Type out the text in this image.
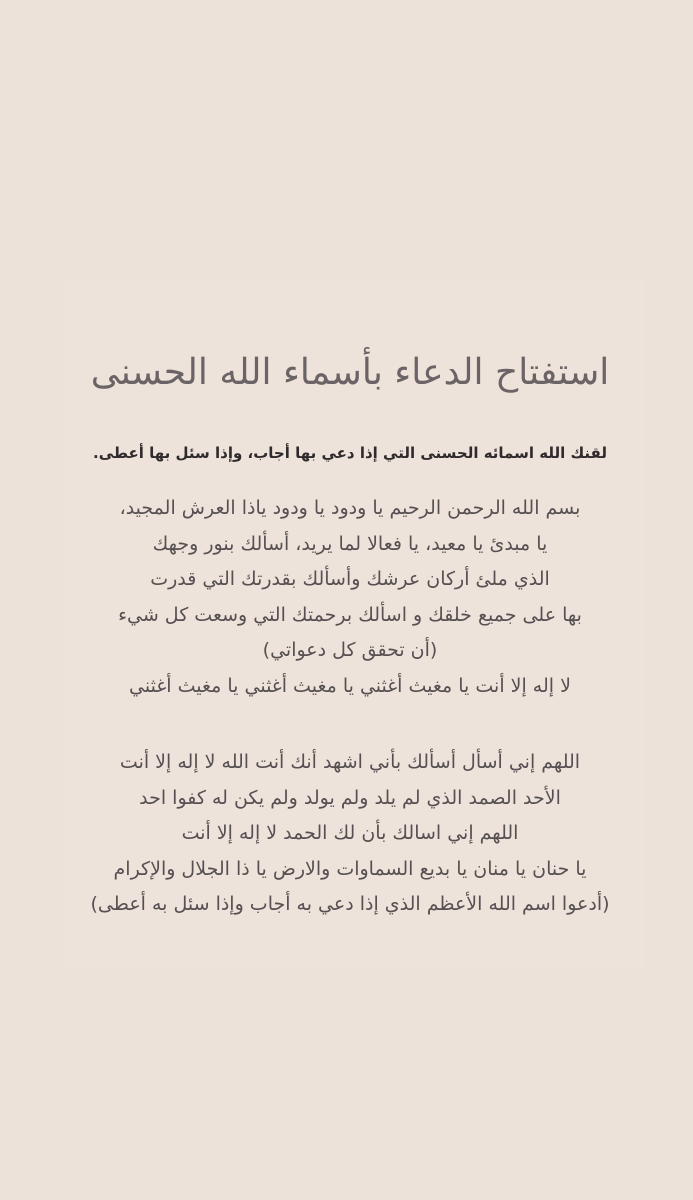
استفتاح الدعاء بأسماء الله الحسنى
لقنك الله اسمائه الحسنى التي إذا دعي بها أجاب، وإذا سئل بها أعطى.
بسم الله الرحمن الرحيم يا ودود يا ودود ياذا العرش المجيد،
يا مبدئ يا معيد، يا فعالا لما يريد، أسألك بنور وجهك
الذي ملئ أركان عرشك وأسألك بقدرتك التي قدرت
بها على جميع خلقك و اسألك برحمتك التي وسعت كل شيء
(أن تحقق كل دعواتي)
لا إله إلا أنت يا مغيث أغثني يا مغيث أغثني يا مغيث أغثني
اللهم إني أسأل أسألك بأني اشهد أنك أنت الله لا إله إلا أنت
الأحد الصمد الذي لم يلد ولم يولد ولم يكن له كفوا احد
اللهم إني اسالك بأن لك الحمد لا إله إلا أنت
يا حنان يا منان يا بديع السماوات والارض يا ذا الجلال والإكرام
(أدعوا اسم الله الأعظم الذي إذا دعي به أجاب وإذا سئل به أعطى)
